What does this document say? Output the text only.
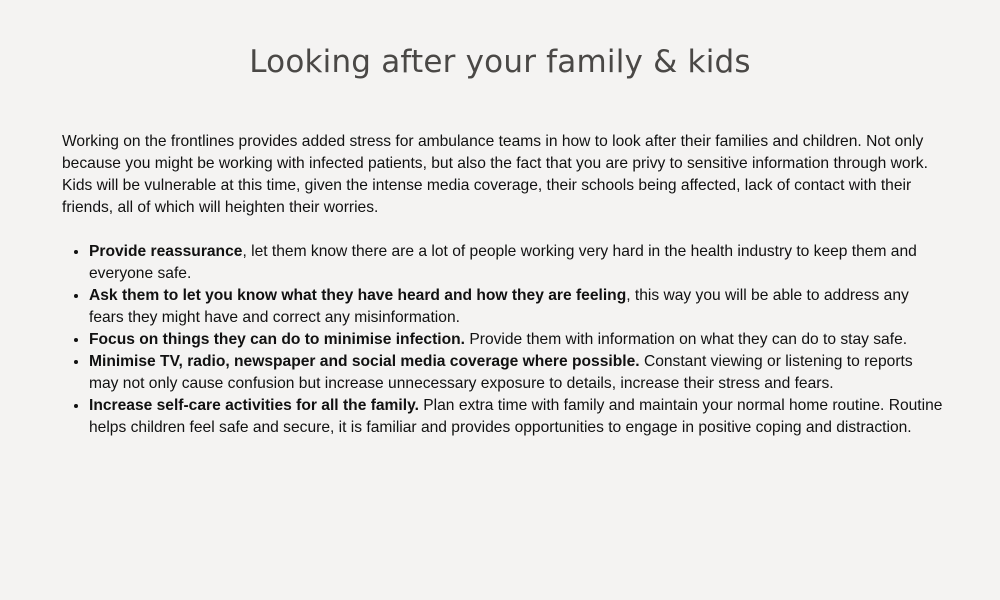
Looking after your family & kids

Working on the frontlines provides added stress for ambulance teams in how to look after their families and children. Not only because you might be working with infected patients, but also the fact that you are privy to sensitive information through work. Kids will be vulnerable at this time, given the intense media coverage, their schools being affected, lack of contact with their friends, all of which will heighten their worries.

• Provide reassurance, let them know there are a lot of people working very hard in the health industry to keep them and everyone safe.
• Ask them to let you know what they have heard and how they are feeling, this way you will be able to address any fears they might have and correct any misinformation.
• Focus on things they can do to minimise infection. Provide them with information on what they can do to stay safe.
• Minimise TV, radio, newspaper and social media coverage where possible. Constant viewing or listening to reports may not only cause confusion but increase unnecessary exposure to details, increase their stress and fears.
• Increase self-care activities for all the family. Plan extra time with family and maintain your normal home routine. Routine helps children feel safe and secure, it is familiar and provides opportunities to engage in positive coping and distraction.
